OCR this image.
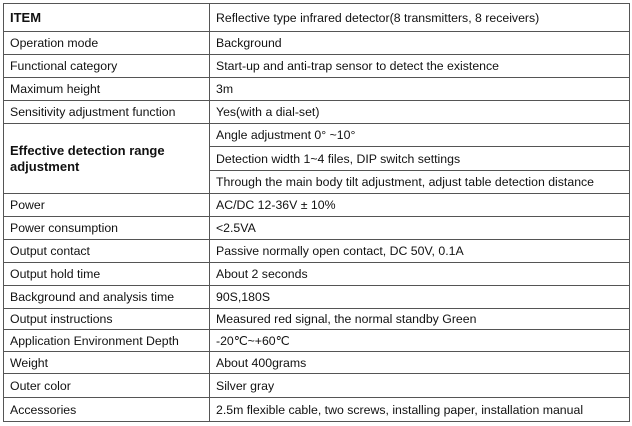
ITEM	Reflective type infrared detector(8 transmitters, 8 receivers)
Operation mode	Background
Functional category	Start-up and anti-trap sensor to detect the existence
Maximum height	3m
Sensitivity adjustment function	Yes(with a dial-set)
Effective detection range adjustment	Angle adjustment 0° ~10°
	Detection width 1~4 files, DIP switch settings
	Through the main body tilt adjustment, adjust table detection distance
Power	AC/DC 12-36V ± 10%
Power consumption	<2.5VA
Output contact	Passive normally open contact, DC 50V, 0.1A
Output hold time	About 2 seconds
Background and analysis time	90S,180S
Output instructions	Measured red signal, the normal standby Green
Application Environment Depth	-20℃~+60℃
Weight	About 400grams
Outer color	Silver gray
Accessories	2.5m flexible cable, two screws, installing paper, installation manual
